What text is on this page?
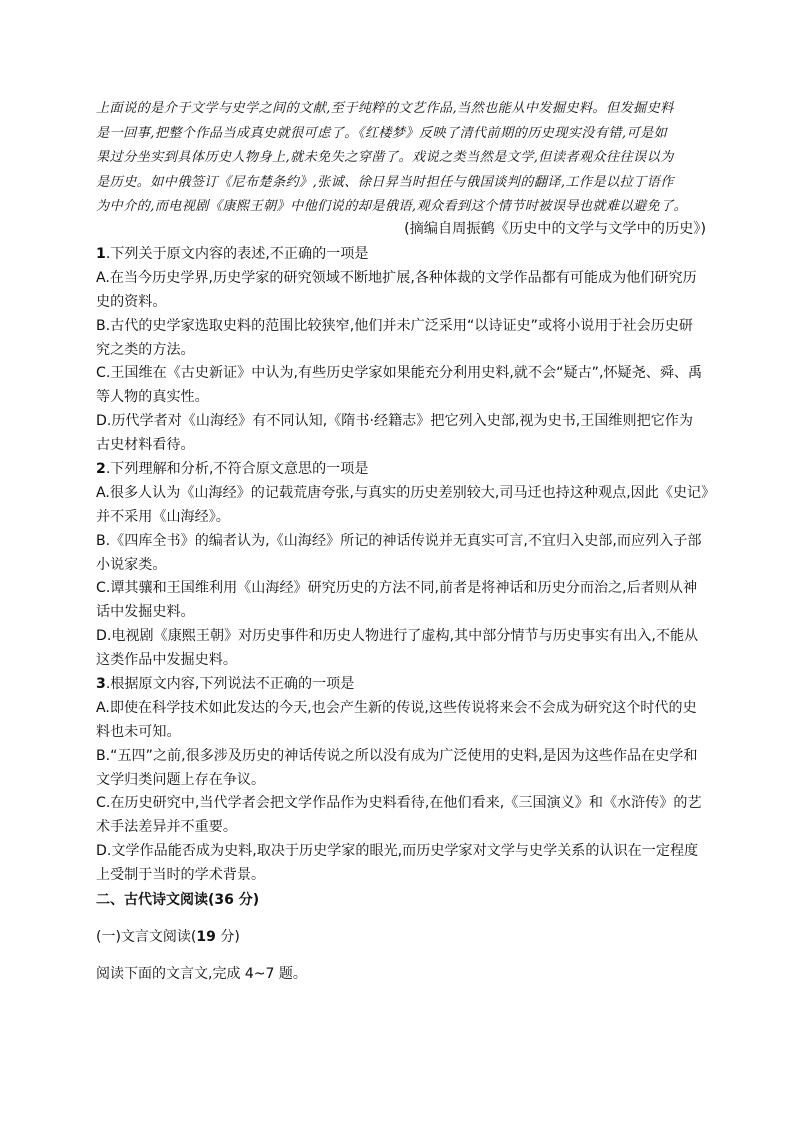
上面说的是介于文学与史学之间的文献,至于纯粹的文艺作品,当然也能从中发掘史料。但发掘史料
是一回事,把整个作品当成真史就很可虑了。《红楼梦》反映了清代前期的历史现实没有错,可是如
果过分坐实到具体历史人物身上,就未免失之穿凿了。戏说之类当然是文学,但读者观众往往误以为
是历史。如中俄签订《尼布楚条约》,张诚、徐日昇当时担任与俄国谈判的翻译,工作是以拉丁语作
为中介的,而电视剧《康熙王朝》中他们说的却是俄语,观众看到这个情节时被误导也就难以避免了。
(摘编自周振鹤《历史中的文学与文学中的历史》)
1.下列关于原文内容的表述,不正确的一项是
A.在当今历史学界,历史学家的研究领域不断地扩展,各种体裁的文学作品都有可能成为他们研究历
史的资料。
B.古代的史学家选取史料的范围比较狭窄,他们并未广泛采用“以诗证史”或将小说用于社会历史研
究之类的方法。
C.王国维在《古史新证》中认为,有些历史学家如果能充分利用史料,就不会“疑古”,怀疑尧、舜、禹
等人物的真实性。
D.历代学者对《山海经》有不同认知,《隋书·经籍志》把它列入史部,视为史书,王国维则把它作为
古史材料看待。
2.下列理解和分析,不符合原文意思的一项是
A.很多人认为《山海经》的记载荒唐夸张,与真实的历史差别较大,司马迁也持这种观点,因此《史记》
并不采用《山海经》。
B.《四库全书》的编者认为,《山海经》所记的神话传说并无真实可言,不宜归入史部,而应列入子部
小说家类。
C.谭其骧和王国维利用《山海经》研究历史的方法不同,前者是将神话和历史分而治之,后者则从神
话中发掘史料。
D.电视剧《康熙王朝》对历史事件和历史人物进行了虚构,其中部分情节与历史事实有出入,不能从
这类作品中发掘史料。
3.根据原文内容,下列说法不正确的一项是
A.即使在科学技术如此发达的今天,也会产生新的传说,这些传说将来会不会成为研究这个时代的史
料也未可知。
B.“五四”之前,很多涉及历史的神话传说之所以没有成为广泛使用的史料,是因为这些作品在史学和
文学归类问题上存在争议。
C.在历史研究中,当代学者会把文学作品作为史料看待,在他们看来,《三国演义》和《水浒传》的艺
术手法差异并不重要。
D.文学作品能否成为史料,取决于历史学家的眼光,而历史学家对文学与史学关系的认识在一定程度
上受制于当时的学术背景。
二、古代诗文阅读(36 分)
(一)文言文阅读(19 分)
阅读下面的文言文,完成 4~7 题。
